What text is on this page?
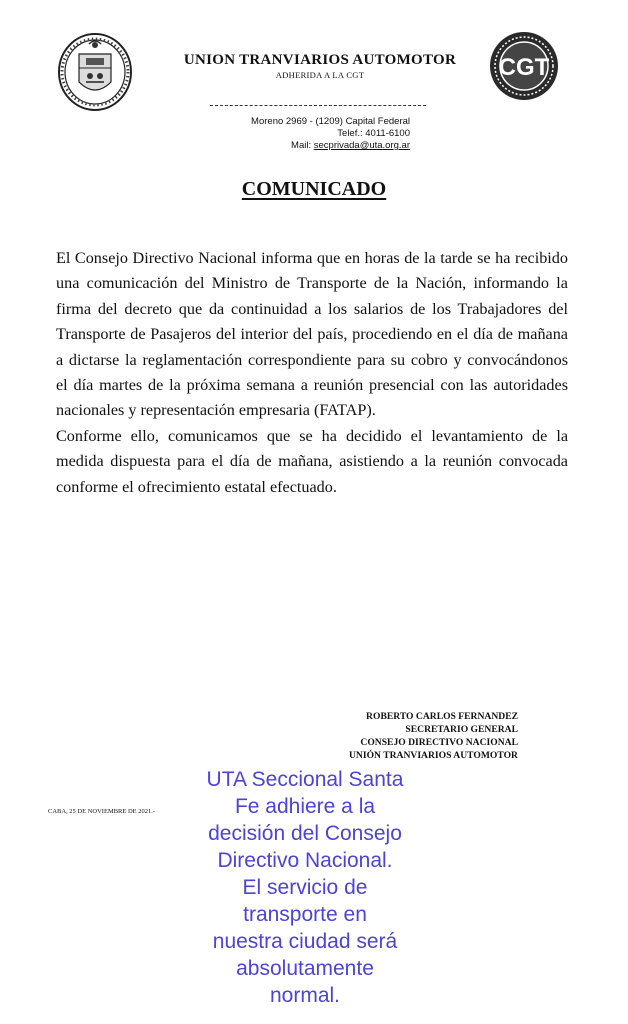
UNION TRANVIARIOS AUTOMOTOR
ADHERIDA A LA CGT	CGT
Moreno 2969 - (1209) Capital Federal
Telef.: 4011-6100
Mail: secprivada@uta.org.ar
COMUNICADO

El Consejo Directivo Nacional informa que en horas de la tarde se ha recibido una comunicación del Ministro de Transporte de la Nación, informando la firma del decreto que da continuidad a los salarios de los Trabajadores del Transporte de Pasajeros del interior del país, procediendo en el día de mañana a dictarse la reglamentación correspondiente para su cobro y convocándonos el día martes de la próxima semana a reunión presencial con las autoridades nacionales y representación empresaria (FATAP).

Conforme ello, comunicamos que se ha decidido el levantamiento de la medida dispuesta para el día de mañana, asistiendo a la reunión convocada conforme el ofrecimiento estatal efectuado.

ROBERTO CARLOS FERNANDEZ
SECRETARIO GENERAL
CONSEJO DIRECTIVO NACIONAL
UNIÓN TRANVIARIOS AUTOMOTOR
CABA, 25 DE NOVIEMBRE DE 2021.-
UTA Seccional Santa
Fe adhiere a la
decisión del Consejo
Directivo Nacional.
El servicio de
transporte en
nuestra ciudad será
absolutamente
normal.
